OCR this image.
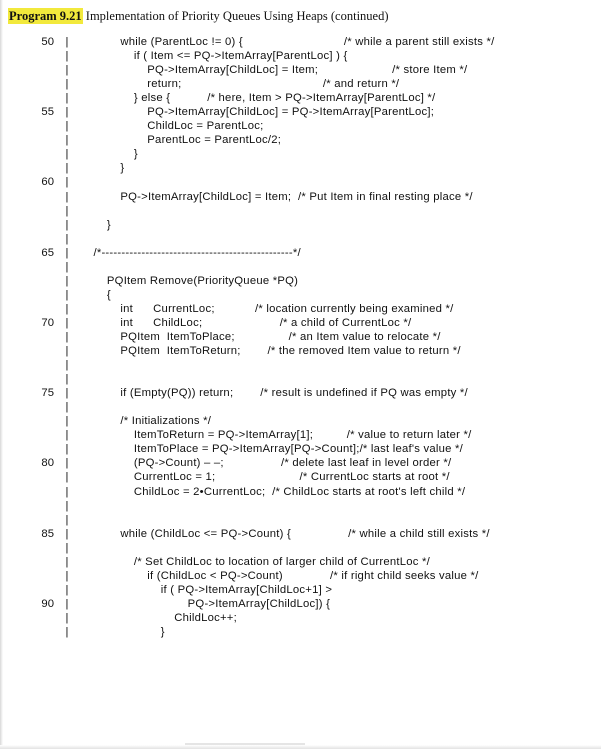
Program 9.21 Implementation of Priority Queues Using Heaps (continued)
50	|	while (ParentLoc != 0) {                              /* while a parent still exists */
|	if ( Item <= PQ->ItemArray[ParentLoc] ) {
|	PQ->ItemArray[ChildLoc] = Item;                      /* store Item */
|	return;                                          /* and return */
|	} else {           /* here, Item > PQ->ItemArray[ParentLoc] */
55	|	PQ->ItemArray[ChildLoc] = PQ->ItemArray[ParentLoc];
|	ChildLoc = ParentLoc;
|	ParentLoc = ParentLoc/2;
|	}
|	}
60	|
|	PQ->ItemArray[ChildLoc] = Item;  /* Put Item in final resting place */
|
|	}
|
65	|	/*------------------------------------------------*/
|
|	PQItem Remove(PriorityQueue *PQ)
|	{
|	int      CurrentLoc;            /* location currently being examined */
70	|	int      ChildLoc;                       /* a child of CurrentLoc */
|	PQItem  ItemToPlace;                /* an Item value to relocate */
|	PQItem  ItemToReturn;        /* the removed Item value to return */
|
|
75	|	if (Empty(PQ)) return;        /* result is undefined if PQ was empty */
|
|	/* Initializations */
|	ItemToReturn = PQ->ItemArray[1];          /* value to return later */
|	ItemToPlace = PQ->ItemArray[PQ->Count];/* last leaf's value */
80	|	(PQ->Count) – –;                 /* delete last leaf in level order */
|	CurrentLoc = 1;                         /* CurrentLoc starts at root */
|	ChildLoc = 2•CurrentLoc;  /* ChildLoc starts at root's left child */
|
|
85	|	while (ChildLoc <= PQ->Count) {                 /* while a child still exists */
|
|	/* Set ChildLoc to location of larger child of CurrentLoc */
|	if (ChildLoc < PQ->Count)              /* if right child seeks value */
|	if ( PQ->ItemArray[ChildLoc+1] >
90	|	PQ->ItemArray[ChildLoc]) {
|	ChildLoc++;
|	}
